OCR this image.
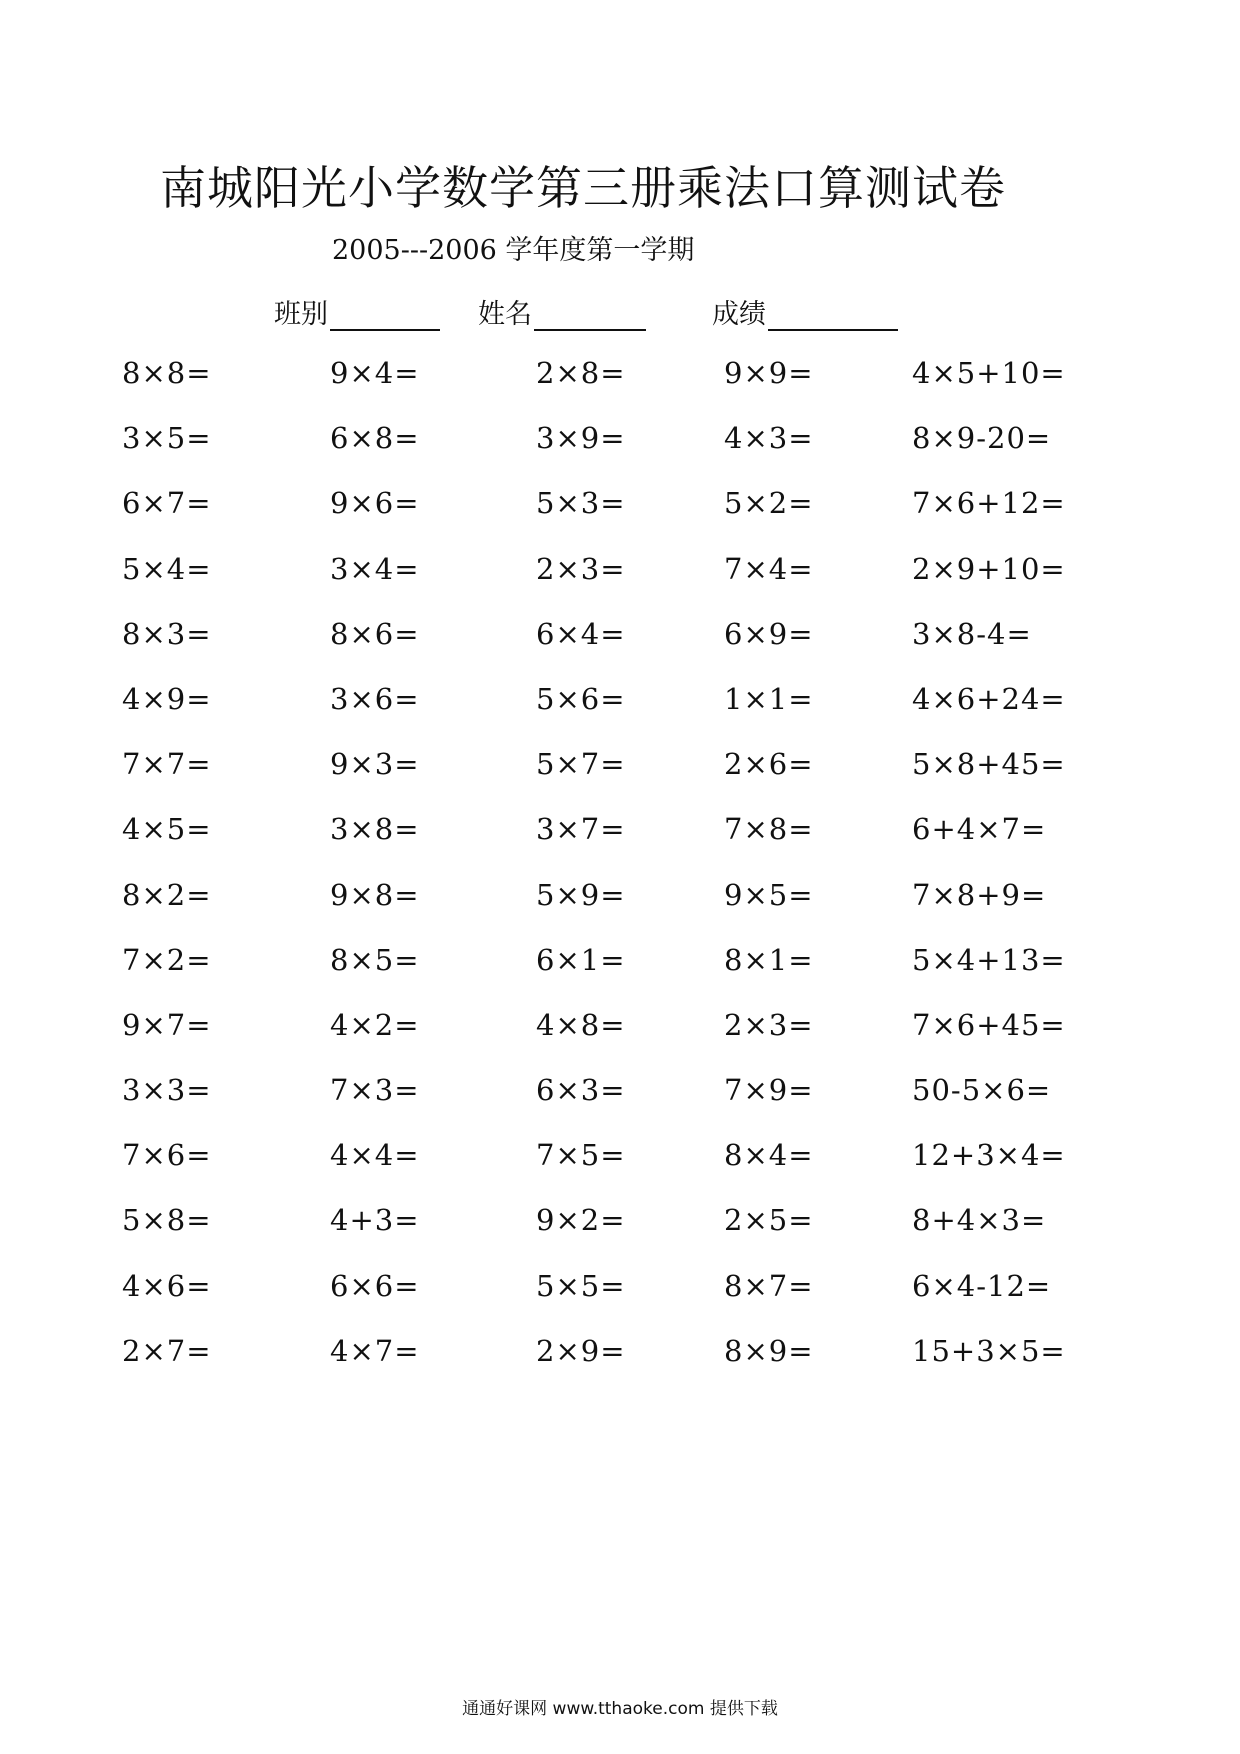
南城阳光小学数学第三册乘法口算测试卷
2005---2006 学年度第一学期
班别	姓名	成绩
8×8=	9×4=	2×8=	9×9=	4×5+10=
3×5=	6×8=	3×9=	4×3=	8×9-20=
6×7=	9×6=	5×3=	5×2=	7×6+12=
5×4=	3×4=	2×3=	7×4=	2×9+10=
8×3=	8×6=	6×4=	6×9=	3×8-4=
4×9=	3×6=	5×6=	1×1=	4×6+24=
7×7=	9×3=	5×7=	2×6=	5×8+45=
4×5=	3×8=	3×7=	7×8=	6+4×7=
8×2=	9×8=	5×9=	9×5=	7×8+9=
7×2=	8×5=	6×1=	8×1=	5×4+13=
9×7=	4×2=	4×8=	2×3=	7×6+45=
3×3=	7×3=	6×3=	7×9=	50-5×6=
7×6=	4×4=	7×5=	8×4=	12+3×4=
5×8=	4+3=	9×2=	2×5=	8+4×3=
4×6=	6×6=	5×5=	8×7=	6×4-12=
2×7=	4×7=	2×9=	8×9=	15+3×5=
通通好课网 www.tthaoke.com 提供下载
